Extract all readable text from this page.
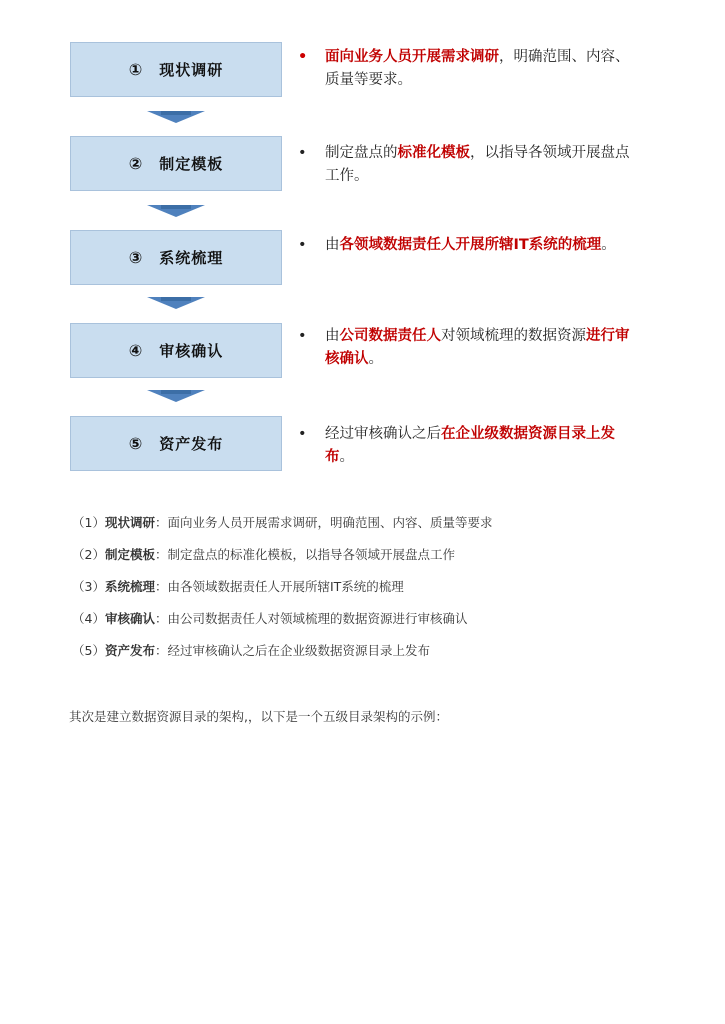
① 现状调研
② 制定模板
③ 系统梳理
④ 审核确认
⑤ 资产发布
•	面向业务人员开展需求调研，明确范围、内容、质量等要求。
•	制定盘点的标准化模板，以指导各领域开展盘点工作。
•	由各领域数据责任人开展所辖IT系统的梳理。
•	由公司数据责任人对领域梳理的数据资源进行审核确认。
•	经过审核确认之后在企业级数据资源目录上发布。
（1）现状调研：面向业务人员开展需求调研，明确范围、内容、质量等要求
（2）制定模板：制定盘点的标准化模板，以指导各领域开展盘点工作
（3）系统梳理：由各领域数据责任人开展所辖IT系统的梳理
（4）审核确认：由公司数据责任人对领域梳理的数据资源进行审核确认
（5）资产发布：经过审核确认之后在企业级数据资源目录上发布
其次是建立数据资源目录的架构,，以下是一个五级目录架构的示例：
